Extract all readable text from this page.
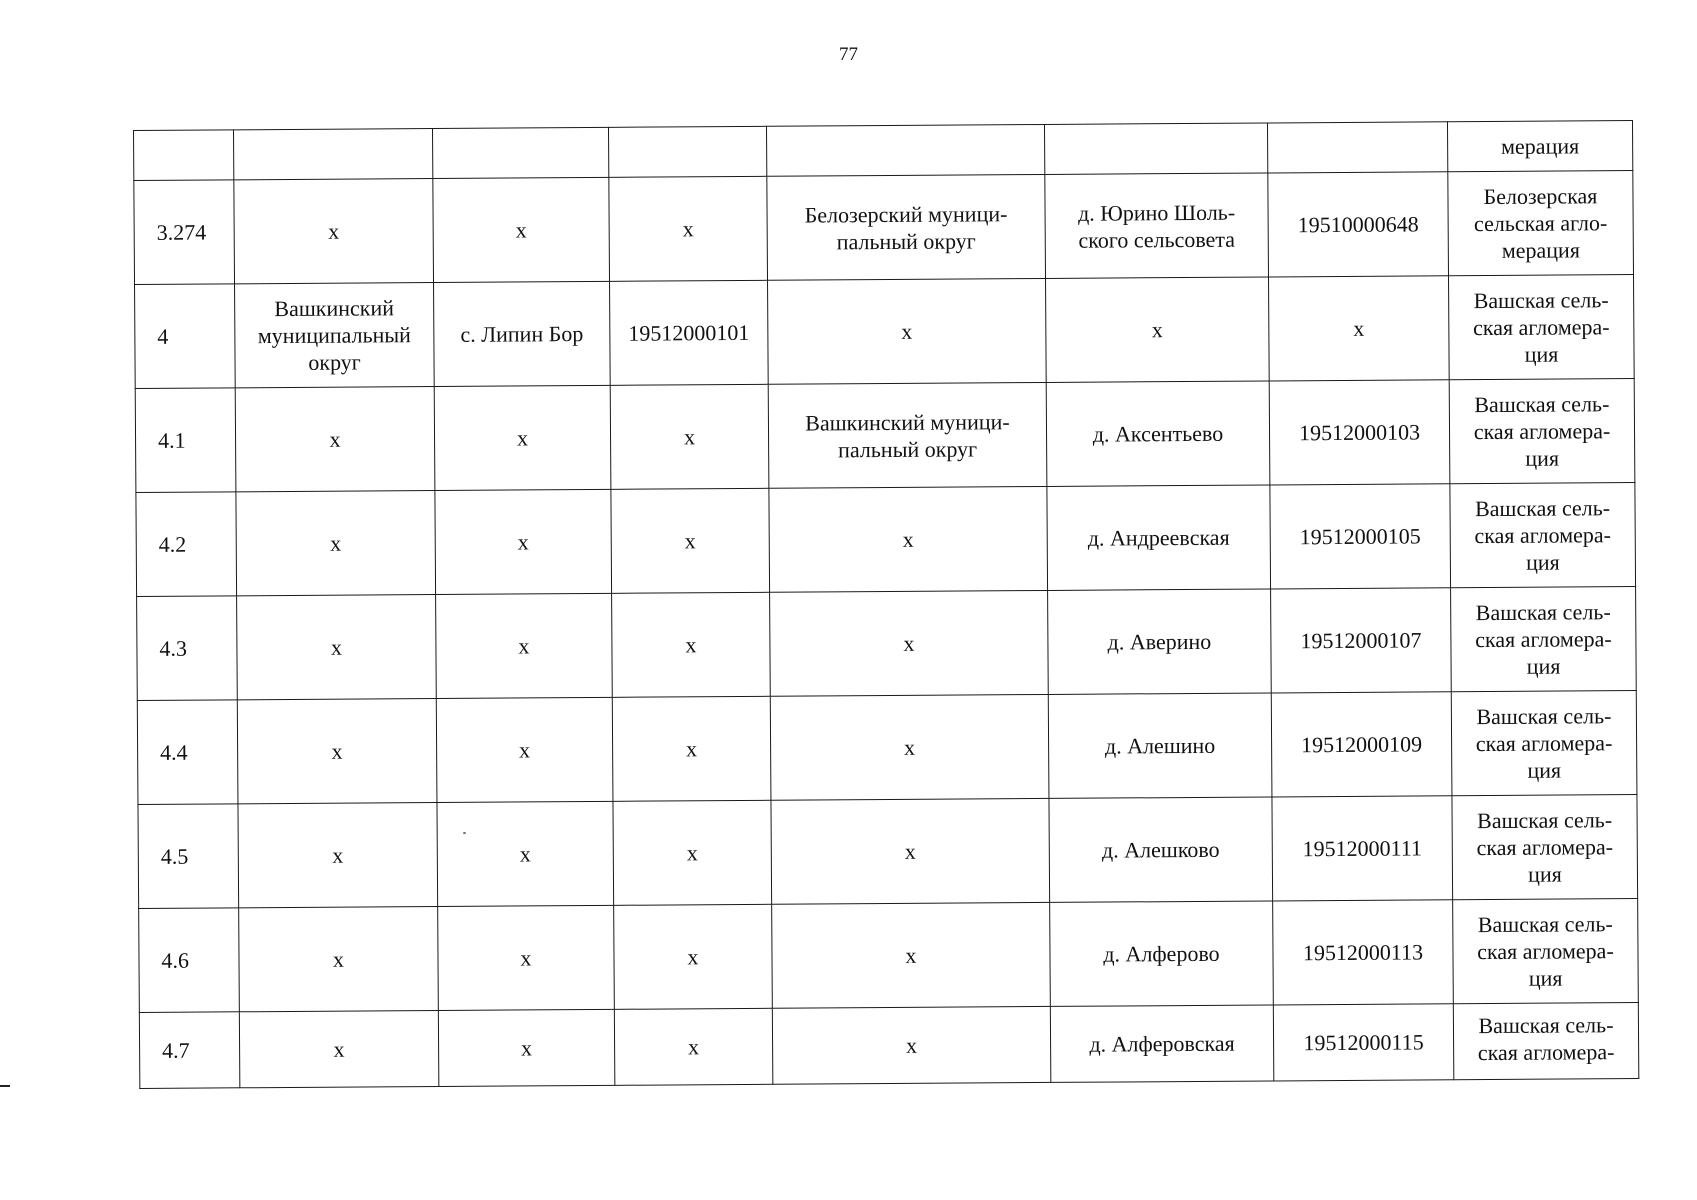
77
							мерация
3.274	х	х	х	Белозерский муници-
пальный округ	д. Юрино Шоль-
ского сельсовета	19510000648	Белозерская
сельская агло-
мерация
4	Вашкинский
муниципальный
округ	с. Липин Бор	19512000101	х	х	х	Вашская сель-
ская агломера-
ция
4.1	х	х	х	Вашкинский муници-
пальный округ	д. Аксентьево	19512000103	Вашская сель-
ская агломера-
ция
4.2	х	х	х	х	д. Андреевская	19512000105	Вашская сель-
ская агломера-
ция
4.3	х	х	х	х	д. Аверино	19512000107	Вашская сель-
ская агломера-
ция
4.4	х	х	х	х	д. Алешино	19512000109	Вашская сель-
ская агломера-
ция
4.5	х	х	х	х	д. Алешково	19512000111	Вашская сель-
ская агломера-
ция
4.6	х	х	х	х	д. Алферово	19512000113	Вашская сель-
ская агломера-
ция
4.7	х	х	х	х	д. Алферовская	19512000115	Вашская сель-
ская агломера-
